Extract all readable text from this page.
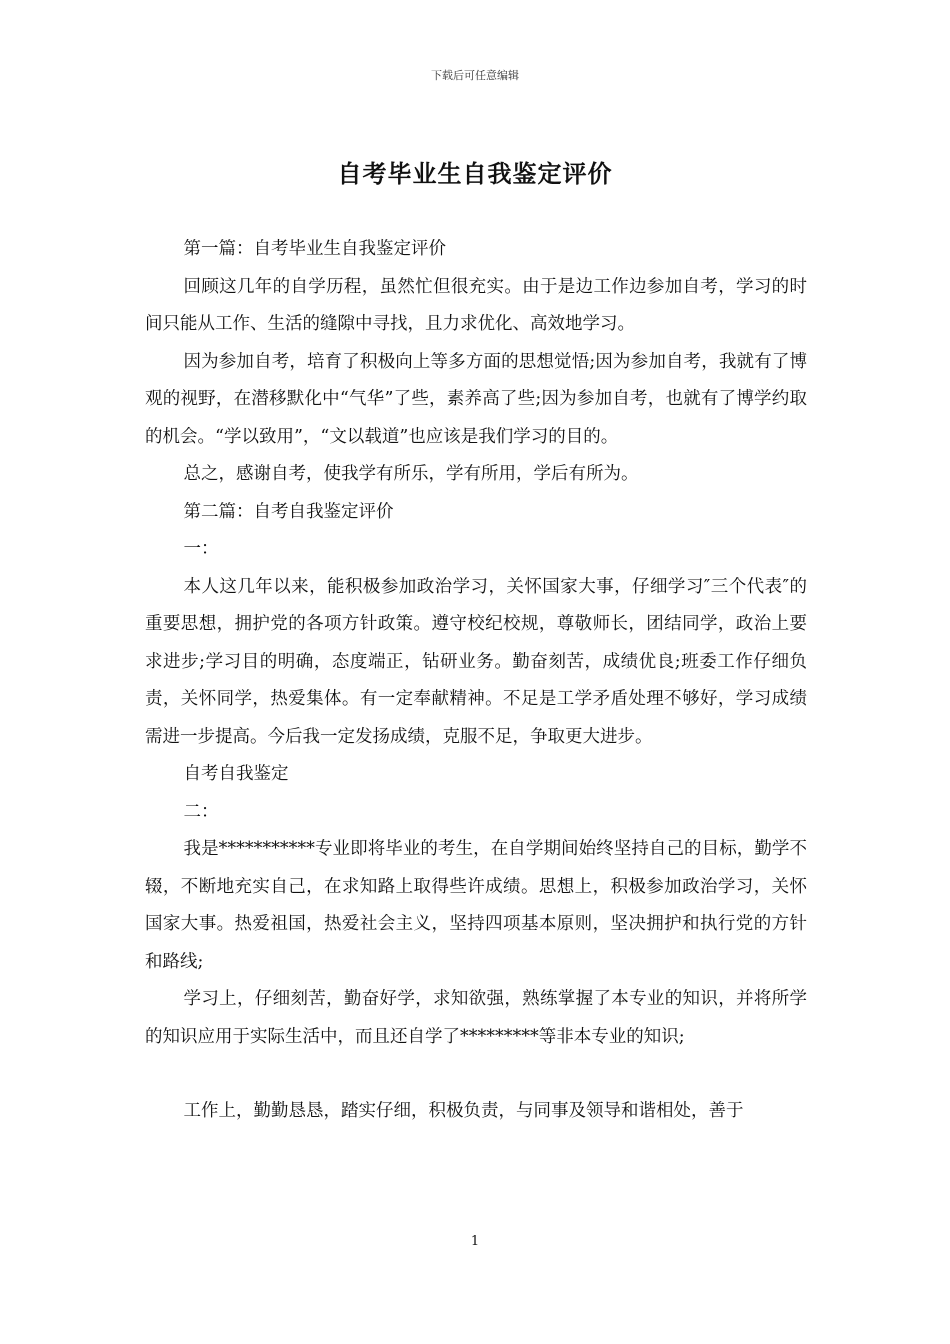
下载后可任意编辑
自考毕业生自我鉴定评价

第一篇：自考毕业生自我鉴定评价

回顾这几年的自学历程，虽然忙但很充实。由于是边工作边参加自考，学习的时间只能从工作、生活的缝隙中寻找，且力求优化、高效地学习。

因为参加自考，培育了积极向上等多方面的思想觉悟;因为参加自考，我就有了博观的视野，在潜移默化中“气华”了些，素养高了些;因为参加自考，也就有了博学约取的机会。“学以致用”，“文以载道”也应该是我们学习的目的。

总之，感谢自考，使我学有所乐，学有所用，学后有所为。

第二篇：自考自我鉴定评价

一：

本人这几年以来，能积极参加政治学习，关怀国家大事，仔细学习″三个代表″的重要思想，拥护党的各项方针政策。遵守校纪校规，尊敬师长，团结同学，政治上要求进步;学习目的明确，态度端正，钻研业务。勤奋刻苦，成绩优良;班委工作仔细负责，关怀同学，热爱集体。有一定奉献精神。不足是工学矛盾处理不够好，学习成绩需进一步提高。今后我一定发扬成绩，克服不足，争取更大进步。

自考自我鉴定

二：

我是***********专业即将毕业的考生，在自学期间始终坚持自己的目标，勤学不辍，不断地充实自己，在求知路上取得些许成绩。思想上，积极参加政治学习，关怀国家大事。热爱祖国，热爱社会主义，坚持四项基本原则，坚决拥护和执行党的方针和路线;

学习上，仔细刻苦，勤奋好学，求知欲强，熟练掌握了本专业的知识，并将所学的知识应用于实际生活中，而且还自学了*********等非本专业的知识;

工作上，勤勤恳恳，踏实仔细，积极负责，与同事及领导和谐相处，善于

1
